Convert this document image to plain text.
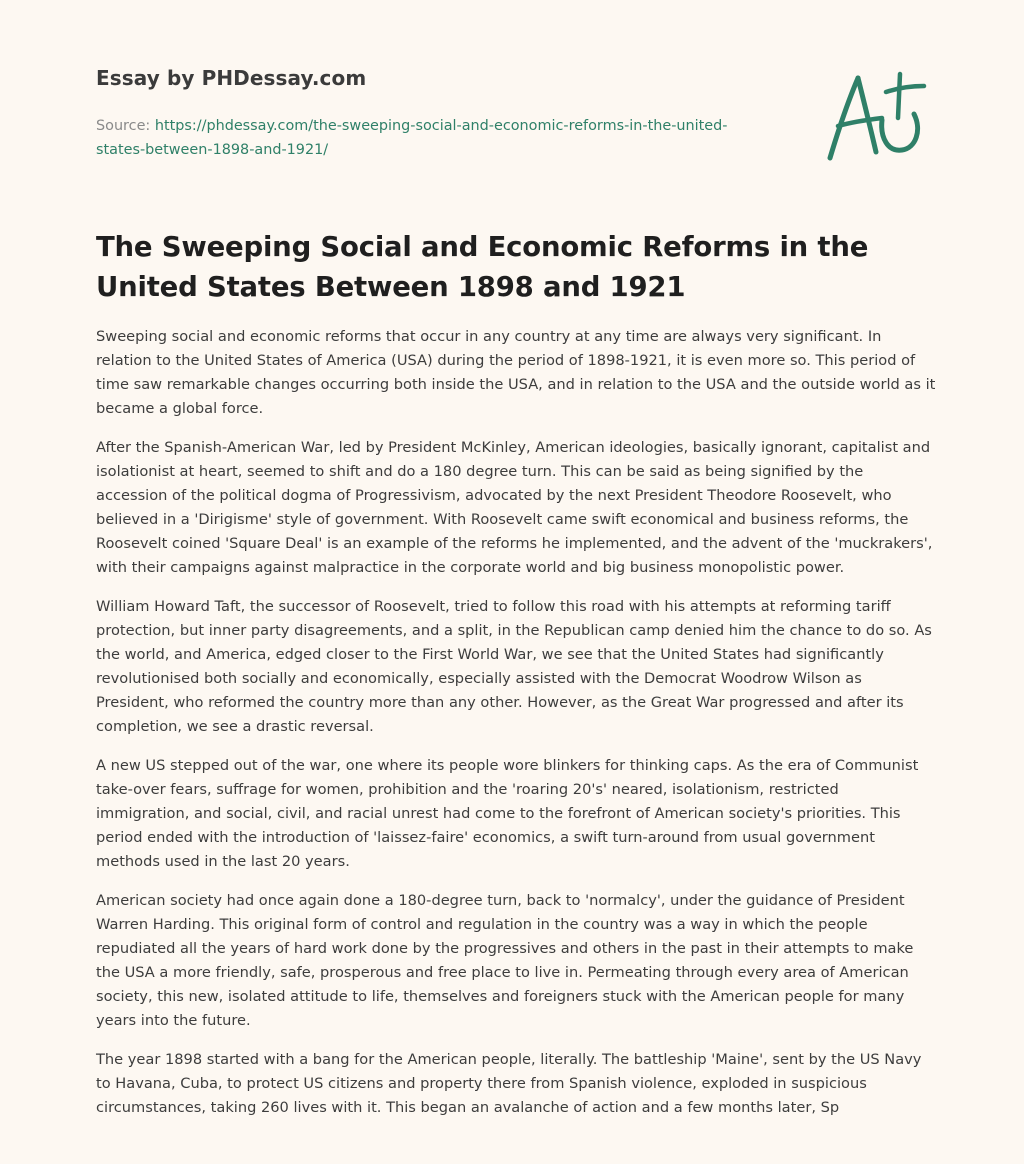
Essay by PHDessay.com
Source: https://phdessay.com/the-sweeping-social-and-economic-reforms-in-the-united-
states-between-1898-and-1921/
The Sweeping Social and Economic Reforms in the United States Between 1898 and 1921

Sweeping social and economic reforms that occur in any country at any time are always very significant. In relation to the United States of America (USA) during the period of 1898-1921, it is even more so. This period of time saw remarkable changes occurring both inside the USA, and in relation to the USA and the outside world as it became a global force.

After the Spanish-American War, led by President McKinley, American ideologies, basically ignorant, capitalist and isolationist at heart, seemed to shift and do a 180 degree turn. This can be said as being signified by the accession of the political dogma of Progressivism, advocated by the next President Theodore Roosevelt, who believed in a 'Dirigisme' style of government. With Roosevelt came swift economical and business reforms, the Roosevelt coined 'Square Deal' is an example of the reforms he implemented, and the advent of the 'muckrakers', with their campaigns against malpractice in the corporate world and big business monopolistic power.

William Howard Taft, the successor of Roosevelt, tried to follow this road with his attempts at reforming tariff protection, but inner party disagreements, and a split, in the Republican camp denied him the chance to do so. As the world, and America, edged closer to the First World War, we see that the United States had significantly revolutionised both socially and economically, especially assisted with the Democrat Woodrow Wilson as President, who reformed the country more than any other. However, as the Great War progressed and after its completion, we see a drastic reversal.

A new US stepped out of the war, one where its people wore blinkers for thinking caps. As the era of Communist take-over fears, suffrage for women, prohibition and the 'roaring 20's' neared, isolationism, restricted immigration, and social, civil, and racial unrest had come to the forefront of American society's priorities. This period ended with the introduction of 'laissez-faire' economics, a swift turn-around from usual government methods used in the last 20 years.

American society had once again done a 180-degree turn, back to 'normalcy', under the guidance of President Warren Harding. This original form of control and regulation in the country was a way in which the people repudiated all the years of hard work done by the progressives and others in the past in their attempts to make the USA a more friendly, safe, prosperous and free place to live in. Permeating through every area of American society, this new, isolated attitude to life, themselves and foreigners stuck with the American people for many years into the future.

The year 1898 started with a bang for the American people, literally. The battleship 'Maine', sent by the US Navy to Havana, Cuba, to protect US citizens and property there from Spanish violence, exploded in suspicious circumstances, taking 260 lives with it. This began an avalanche of action and a few months later, Sp
